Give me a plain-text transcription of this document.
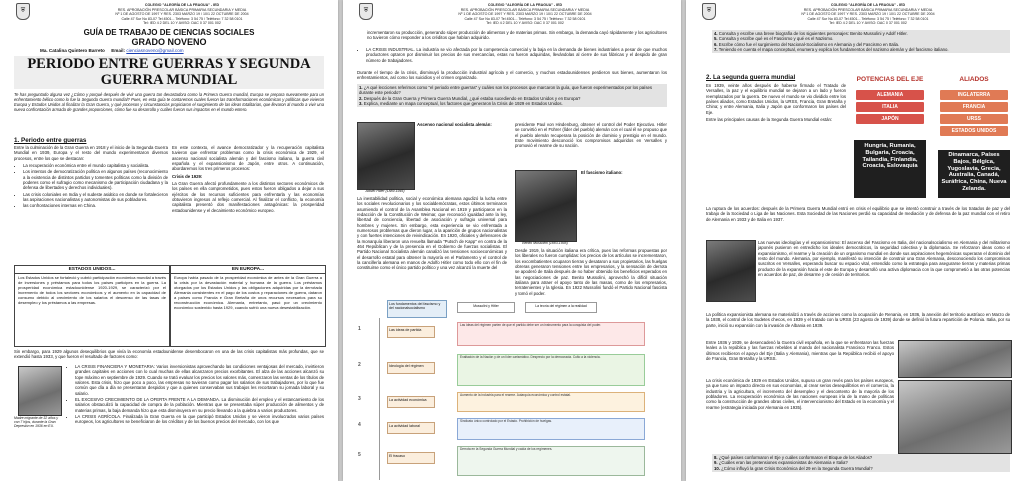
⛨
COLEGIO "ALEGRÍA DE LA FRAGUA" - IED
RES. APROBACIÓN PRESCOLAR BÁSICA PRIMARIA SECUNDARIA Y MEDIA
Nº 1 DE AGOSTO DE 1997 Y RES. 2303 MARZO 19 / 10/1 22 OCTUBRE DE 2004
Calle 47 Sur No 83-07 Tel 4501... Teléfono: 3 54 75 / Teléfono: 7 32 58 0101
Tel: IED 4 2 DEL 10 Y AVISO: DAC 0 37 001 002
GUÍA DE TRABAJO DE CIENCIAS SOCIALES
GRADO NOVENO
Ma. Catalina Quintero Barreto Email: cienciasnoveno@gmail.com
PERIODO ENTRE GUERRAS Y SEGUNDA GUERRA MUNDIAL
Te has preguntado alguna vez ¿Cómo y porqué después de vivir una guerra tan devastadora como la Primera Guerra mundial, Europa se prepara nuevamente para un enfrentamiento bélico como lo fue la Segunda Guerra mundial? Pues, en esta guía te contaremos cuales fueron las transformaciones económicas y políticas que vivieron Europa y Estados Unidos al finalizar la Gran Guerra, y qué procesos y circunstancias propiciaron el surgimiento de las ideas totalitarias, que llevaron al mundo a vivir una nueva confrontación armada de grandes proporciones, cómo fue su desarrollo y cuáles fueron sus impactos en el mundo entero.
1. Periodo entre guerras
Entre la culminación de la Gran Guerra en 1918 y el inicio de la Segunda Guerra Mundial en 1939, Europa y el resto del mundo experimentaron diversos procesos, entre los que se destacan:
• La recuperación económica entre el mundo capitalista y socialista.
• Los intentos de democratización política en algunos países (reconocimiento a la existencia de distintos partidos y tomentes políticas como la división de poderes como el sufragio como mecanismo de participación ciudadana y la defensa de libertades y derechos individuales).
• Las crisis coloniales en India y el sudeste asiático en donde se fortalecieron las aspiraciones nacionalistas y autonomistas de sus pobladores.
• las confrontaciones internas en China.
En este contexto, el avance democratizador y la recuperación capitalista tuvieron que enfrentar problemas como la crisis económica de 1929, el ascenso nacional socialista alemán y del fascismo italiano, la guerra civil española y el expansionismo de Japón, entre otros. A continuación, abordaremos los tres primeros procesos:
Crisis de 1929:
La Gran Guerra afectó profundamente a los distintos sectores económicos de los países en ella comprometidos, pues estos fueron obligados a dejar a sus ejércitos de los recursos suficientes para enfrentarla y las economías obtuvieron ingresos al reflejo comercial. Al finalizar el conflicto, la economía capitalista presentó dos manifestaciones antagónicas: la prosperidad estadounidense y el decaimiento económico europeo.
ESTADOS UNIDOS...
Los Estados Unidos se fortaleció y cubrió participación económica mundial a través de inversiones y préstamos para todos los países participes en la guerra. La prosperidad económica estadounidense 1920-1929, se caracterizó por el incremento de todos los sectores económicos y el aumento en la capacidad de consumo debido al crecimiento de los salarios el descenso de las tasas de desempleo y los préstamos a las empresas.
EN EUROPA...
Europa había pasado de la prosperidad económica de antes de la Gran Guerra a la crisis por la devastación material y humana de la guerra. Los préstamos otorgados por los Estados Unidos y las obligaciones adquiridas por la derrotada Alemania consistentes en el pago de los costos y reparaciones de guerra, dataron a países como Francia e Gran Bretaña de unos recursos necesarios para su reconstrucción económica. Alemania, entretanto, pasó por un crecimiento económico sostenido hasta 1929, cuando sufrió una nueva desestabilización.
Sin embargo, para 1929 algunos desequilibrios que vivía la economía estadounidense desembocaron en una de las crisis capitalistas más profundas, que se extendió hasta 1933, y que fueron el resultado de factores como:
Madre migrante de 32 años y con 7 hijos, durante la Gran Depresión en 1936 en EU.
• LA CRISIS FINANCIERA Y MONETARIA: Varios inversionistas aprovechando las condiciones ventajosas del mercado, invirtieron grandes capitales en acciones con lo cual muchas de ellas alcanzaron precios exorbitantes. El alza de las acciones alcanzó su tope máximo en septiembre de 1929. Cuando se trató evaluar los precios los valores más, comenzaron las ventas de los títulos de valores. Esta crisis, hizo que poco a poco, las empresas no tuvieran como pagar los salarios de sus trabajadores, por lo que fue común que día a día se presentaran despidos y que a quienes conservaban sus trabajos les recortaran su jornada laboral y su salario.
• EL EXCESIVO CRECIMIENTO DE LA OFERTA FRENTE A LA DEMANDA. La disminución del empleo y el estancamiento de los salarios obstaculizó la capacidad de compra de la población. Mientras que se presentaba súper producción de alimentos y de materias primas, la baja demanda hizo que esta disminuyera en su precio llevando a la quiebra a varios productores.
• LA CRISIS AGRÍCOLA. Finalizada la Gran Guerra en la que participó Estados Unidos y se vieron involucrados varios países europeos, los agricultores se beneficiaron de los créditos y de los buenos precios del mercado, con los que
⛨
COLEGIO "ALEGRÍA DE LA FRAGUA" - IED
RES. APROBACIÓN PRESCOLAR BÁSICA PRIMARIA SECUNDARIA Y MEDIA
Nº 1 DE AGOSTO DE 1997 Y RES. 2303 MARZO 19 / 10/1 22 OCTUBRE DE 2004
Calle 47 Sur No 83-07 Tel 4501... Teléfono: 3 54 75 / Teléfono: 7 32 58 0101
Tel: IED 4 2 DEL 10 Y AVISO: DAC 0 37 001 002
incrementaron su producción, generando súper producción de alimentos y de materias primas. Sin embargo, la demanda cayó rápidamente y los agricultores no tuvieron cómo responder a los créditos que habían adquirido.
• LA CRISIS INDUSTRIAL. La industria se vio afectada por la competencia comercial y la baja en la demanda de bienes industriales a pesar de que muchos productores optaron por disminuir los precios de sus mercancías, estas no fueron adquiridas, llevándolas al cierre de sus fábricas y el despido de gran número de trabajadores.
Durante el tiempo de la crisis, disminuyó la producción industrial agrícola y el comercio, y muchos estadounidenses perdieron sus bienes, aumentaron los enfrentamientos, así como los suicidios y el crimen organizado.
1. ¿A qué lecciones referimos como "el periodo entre guerras" y cuáles son los procesos que marcaron la guía, que fueron experimentados por los países durante este periodo?
2. Después de la Gran Guerra y Primera Guerra Mundial, ¿qué estaba sucediendo en Estados Unidos y en Europa?
3. Explica, mediante un mapa conceptual, los factores que generaron la Crisis de 1929 en Estados Unidos.
Adolfo Hitler (1889-1945)
Ascenso nacional socialista alemán:
La inestabilidad política, social y económica alemana agudizó la lucha entre los sociales revolucionarios y los socialdemócratas, estos últimos terminaron asumiendo el control de la Asamblea Nacional en 1919 y participaron en la redacción de la Constitución de Weimar, que reconoció igualdad ante la ley, libertad de conciencia, libertad de asociación y sufragio universal para hombres y mujeres. Sin embargo, esta experiencia se vio enfrentada a numerosos problemas que dieron lugar, a la aparición de grupos nacionalistas y con fuertes intenciones de reivindicación. En 1920, oficiales y defensores de la monarquía liberaron una revuelta llamada "Putsch de Kapp" en contra de la 464 Repúblican y de la presencia en el Gobierno de fuerzas socialistas. El Partido Nacional Socialista alemán canalizó las tensiones socioeconómicas y el desarrollo estatal para obtener la mayoría en el Parlamento y el control de la cancillería alemana en manos de Adolfo Hitler como todo ello con el fin de constituirse como el único partido político y una vez alcanzó la muerte del
presidente Paul von Hindenburg, obtener el control del Poder Ejecutivo. Hitler se convirtió en el Führer (líder del pueblo) alemán con el cual él se propuso que el pueblo alemán recuperara la posición de dominio y prestigio en el mundo. Este movimiento desconoció los compromisos adquiridos en Versalles y promovió el rearme de su nación.
Benito Mussolini (1883-1945)
El fascismo italiano:
Desde 1919, la situación italiana era crítica, pues las reformas propuestas por los liberales no fueron cumplidas: los precios de los artículos se incrementaron, los excombatientes ocuparon tierras y desataron a sus propietarios, las huelgas obreras generaron tensiones entre los empresarios, y la sensación de derrota se apoderó de Italia después de no haber obtenido los beneficios esperados en las negociaciones de paz. Benito Mussolini, aprovechó la difícil situación italiana para atraer el apoyo tanto de las masas, como de los empresarios, terratenientes y la Iglesia. En 1922 Mussolini fundó el Partido Nacional fascista y tomó el poder.
Los fundamentos del fascismo y del nacionalsocialismo
Mussolini y Hitler	La teoría del régimen a la realidad
1	Las ideas de partida
Las ideas del régimen parten de que el partido debe ser un instrumento para la conquista del poder.
2	Ideología del régimen
Exaltación de la Nación y de un líder carismático. Desprecio por la democracia. Culto a la violencia.
3	La actividad económica
Aumento de la industria para el rearme. Autarquía económica y control estatal.
4	La actividad laboral
Sindicato único controlado por el Estado. Prohibición de huelgas.
5	El fracaso
Derrota en la Segunda Guerra Mundial y caída de los regímenes.
⛨
COLEGIO "ALEGRÍA DE LA FRAGUA" - IED
RES. APROBACIÓN PRESCOLAR BÁSICA PRIMARIA SECUNDARIA Y MEDIA
Nº 1 DE AGOSTO DE 1997 Y RES. 2303 MARZO 19 / 10/1 22 OCTUBRE DE 2004
Calle 47 Sur No 83-07 Tel 4501... Teléfono: 3 54 75 / Teléfono: 7 32 58 0101
Tel: IED 4 2 DEL 10 Y AVISO: DAC 0 37 001 002
4. Consulta y escribe una breve biografía de los siguientes personajes: Benito Mussolini y Adolf Hitler.
5. Consulta y escribe qué es el Fascismo y qué es el Nazismo.
6. Escribe cómo fue el surgimiento del Nacional-Socialismo en Alemania y del Fascismo en Italia.
7. Teniendo en cuenta el mapa conceptual, enumera y explica los fundamentos del nazismo alemán y del fascismo italiano.
2. La segunda guerra mundial
En 1939, veinte años después de haberse firmado el Tratado de Versalles, la paz y el equilibrio mundial se dejaron a un lado y fueron reemplazados por la guerra. De nuevo el mundo se vio dividido entre los países aliados, como Estados Unidos, la URSS, Francia, Gran Bretaña y China; y entre Alemania, Italia y Japón que conformaron los países del Eje.
Entre las principales causas de la Segunda Guerra Mundial están:
POTENCIAS DEL EJE
ALEMANIA
ITALIA
JAPÓN
Hungría, Rumania, Bulgaria, Croacia, Tailandia, Finlandia, Croacia, Eslovaquia
ALIADOS
INGLATERRA
FRANCIA
URSS
ESTADOS UNIDOS
Dinamarca, Países Bajos, Bélgica, Yugoslavia, Grecia, Australia, Canadá, Suráfrica, China, Nueva Zelanda.
La ruptura de los acuerdos: después de la Primera Guerra Mundial entró en crisis el equilibrio que se intentó construir a través de los tratados de paz y del trabajo de la Sociedad o Liga de las Naciones. Esta Sociedad de las Naciones perdió su capacidad de mediación y de defensa de la paz mundial con el retiro de Alemania en 1933 y de Italia en 1937.
Las nuevas ideologías y el expansionismo: El ascenso del Fascismo en Italia, del nacionalsocialismo en Alemania y del militarismo japonés pusieron en entredicho los ideales democráticos, la seguridad colectiva y la diplomacia. Se reforzaron ideas como el expansionismo, el rearme y la creación de un organismo mundial en donde sus aspiraciones hegemónicas superaran el dominio del resto del mundo. Alemania, por ejemplo, manifestó su intención de construir una Gran Alemania, desconociendo los compromisos suscritos en Versalles, esperando buscar su espacio vital, entendido como la estrategia para asegurarse tierras y materias primas producto de la expansión hacia el este de Europa y desarrolló una activa diplomacia con la que comprometió a las otras potencias en acuerdos de paz, de desarme y de cesión de territorios.
La política expansionista alemana se materializó a través de acciones como la ocupación de Renania, en 1936, la anexión del territorio austríaco en Marzo de la 1938, el control de los Sudetes checos, en 1939 y el tratado con la URSS (23 agosto de 1939) donde se definió la futura repartición de Polonia. Italia, por su parte, inició su expansión con la invasión de Albania en 1939.
Entre 1936 y 1939, se desencadenó la Guerra civil española, en la que se enfrentaron las fuerzas leales a la república y las fuerzas rebeldes al mando del nacionalista Francisco Franco. Estos últimos recibieron el apoyo del Eje (Italia y Alemania), mientras que la República recibió el apoyo de Francia, Gran Bretaña y la URSS.
La crisis económica de 1929 en Estados Unidos, supuso un gran revés para los países europeos, ya que tuvo un impacto directo en sus economías, al crear serios desequilibrios en el comercio, la industria y la agricultura, el incremento del desempleo y el descontento de la mayoría de los pobladores. La recuperación económica de las naciones europeas iría de la mano de políticas como la construcción de grandes obras civiles, el intervencionismo del Estado en la economía y el rearme (estrategia iniciada por Alemania en 1935).
8. ¿Qué países conformaron el Eje y cuáles conformaron el Bloque de los Aliados?
9. ¿Cuáles eran las pretensiones expansionistas de Alemania e Italia?
10. ¿Cómo influyó la gran Crisis Económica del 29 en la Segunda Guerra Mundial?
